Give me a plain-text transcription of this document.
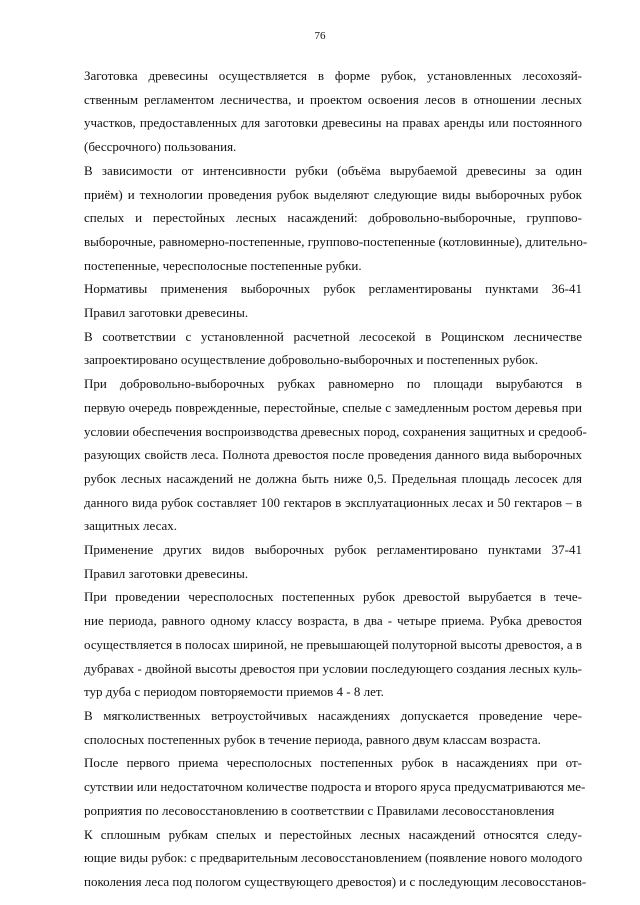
76

Заготовка древесины осуществляется в форме рубок, установленных лесохозяй-
ственным регламентом лесничества, и проектом освоения лесов в отношении лесных
участков, предоставленных для заготовки древесины на правах аренды или постоянного
(бессрочного) пользования.

В зависимости от интенсивности рубки (объёма вырубаемой древесины за один
приём) и технологии проведения рубок выделяют следующие виды выборочных рубок
спелых и перестойных лесных насаждений: добровольно-выборочные, группово-
выборочные, равномерно-постепенные, группово-постепенные (котловинные), длительно-
постепенные, чересполосные постепенные рубки.

Нормативы применения выборочных рубок регламентированы пунктами 36-41
Правил заготовки древесины.

В соответствии с установленной расчетной лесосекой в Рощинском лесничестве
запроектировано осуществление добровольно-выборочных и постепенных рубок.

При добровольно-выборочных рубках равномерно по площади вырубаются в
первую очередь поврежденные, перестойные, спелые с замедленным ростом деревья при
условии обеспечения воспроизводства древесных пород, сохранения защитных и средооб-
разующих свойств леса. Полнота древостоя после проведения данного вида выборочных
рубок лесных насаждений не должна быть ниже 0,5. Предельная площадь лесосек для
данного вида рубок составляет 100 гектаров в эксплуатационных лесах и 50 гектаров – в
защитных лесах.

Применение других видов выборочных рубок регламентировано пунктами 37-41
Правил заготовки древесины.

При проведении чересполосных постепенных рубок древостой вырубается в тече-
ние периода, равного одному классу возраста, в два - четыре приема. Рубка древостоя
осуществляется в полосах шириной, не превышающей полуторной высоты древостоя, а в
дубравах - двойной высоты древостоя при условии последующего создания лесных куль-
тур дуба с периодом повторяемости приемов 4 - 8 лет.

В мягколиственных ветроустойчивых насаждениях допускается проведение чере-
сполосных постепенных рубок в течение периода, равного двум классам возраста.

После первого приема чересполосных постепенных рубок в насаждениях при от-
сутствии или недостаточном количестве подроста и второго яруса предусматриваются ме-
роприятия по лесовосстановлению в соответствии с Правилами лесовосстановления

К сплошным рубкам спелых и перестойных лесных насаждений относятся следу-
ющие виды рубок: с предварительным лесовосстановлением (появление нового молодого
поколения леса под пологом существующего древостоя) и с последующим лесовосстанов-
